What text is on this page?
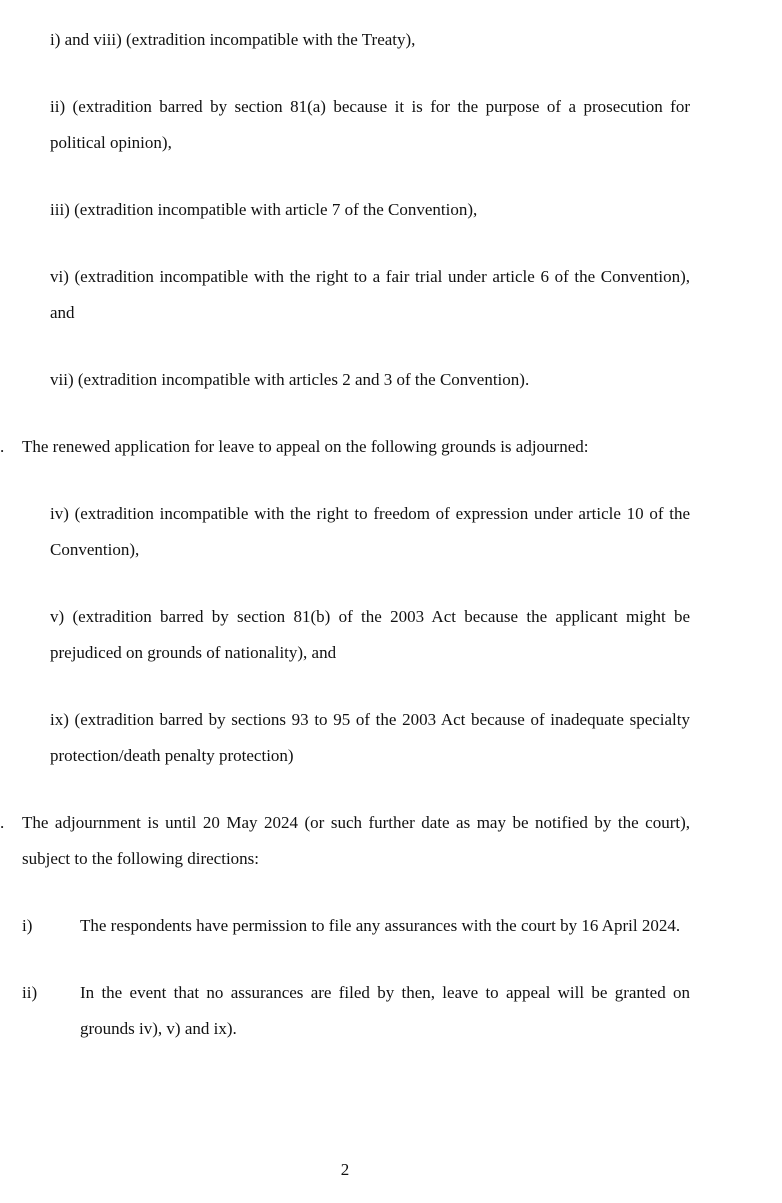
i) and viii) (extradition incompatible with the Treaty),

ii) (extradition barred by section 81(a) because it is for the purpose of a prosecution for political opinion),

iii) (extradition incompatible with article 7 of the Convention),

vi) (extradition incompatible with the right to a fair trial under article 6 of the Convention), and

vii) (extradition incompatible with articles 2 and 3 of the Convention).

.	The renewed application for leave to appeal on the following grounds is adjourned:

iv) (extradition incompatible with the right to freedom of expression under article 10 of the Convention),

v) (extradition barred by section 81(b) of the 2003 Act because the applicant might be prejudiced on grounds of nationality), and

ix) (extradition barred by sections 93 to 95 of the 2003 Act because of inadequate specialty protection/death penalty protection)

.	The adjournment is until 20 May 2024 (or such further date as may be notified by the court), subject to the following directions:
i)	The respondents have permission to file any assurances with the court by 16 April 2024.
ii)	In the event that no assurances are filed by then, leave to appeal will be granted on grounds iv), v) and ix).
2
